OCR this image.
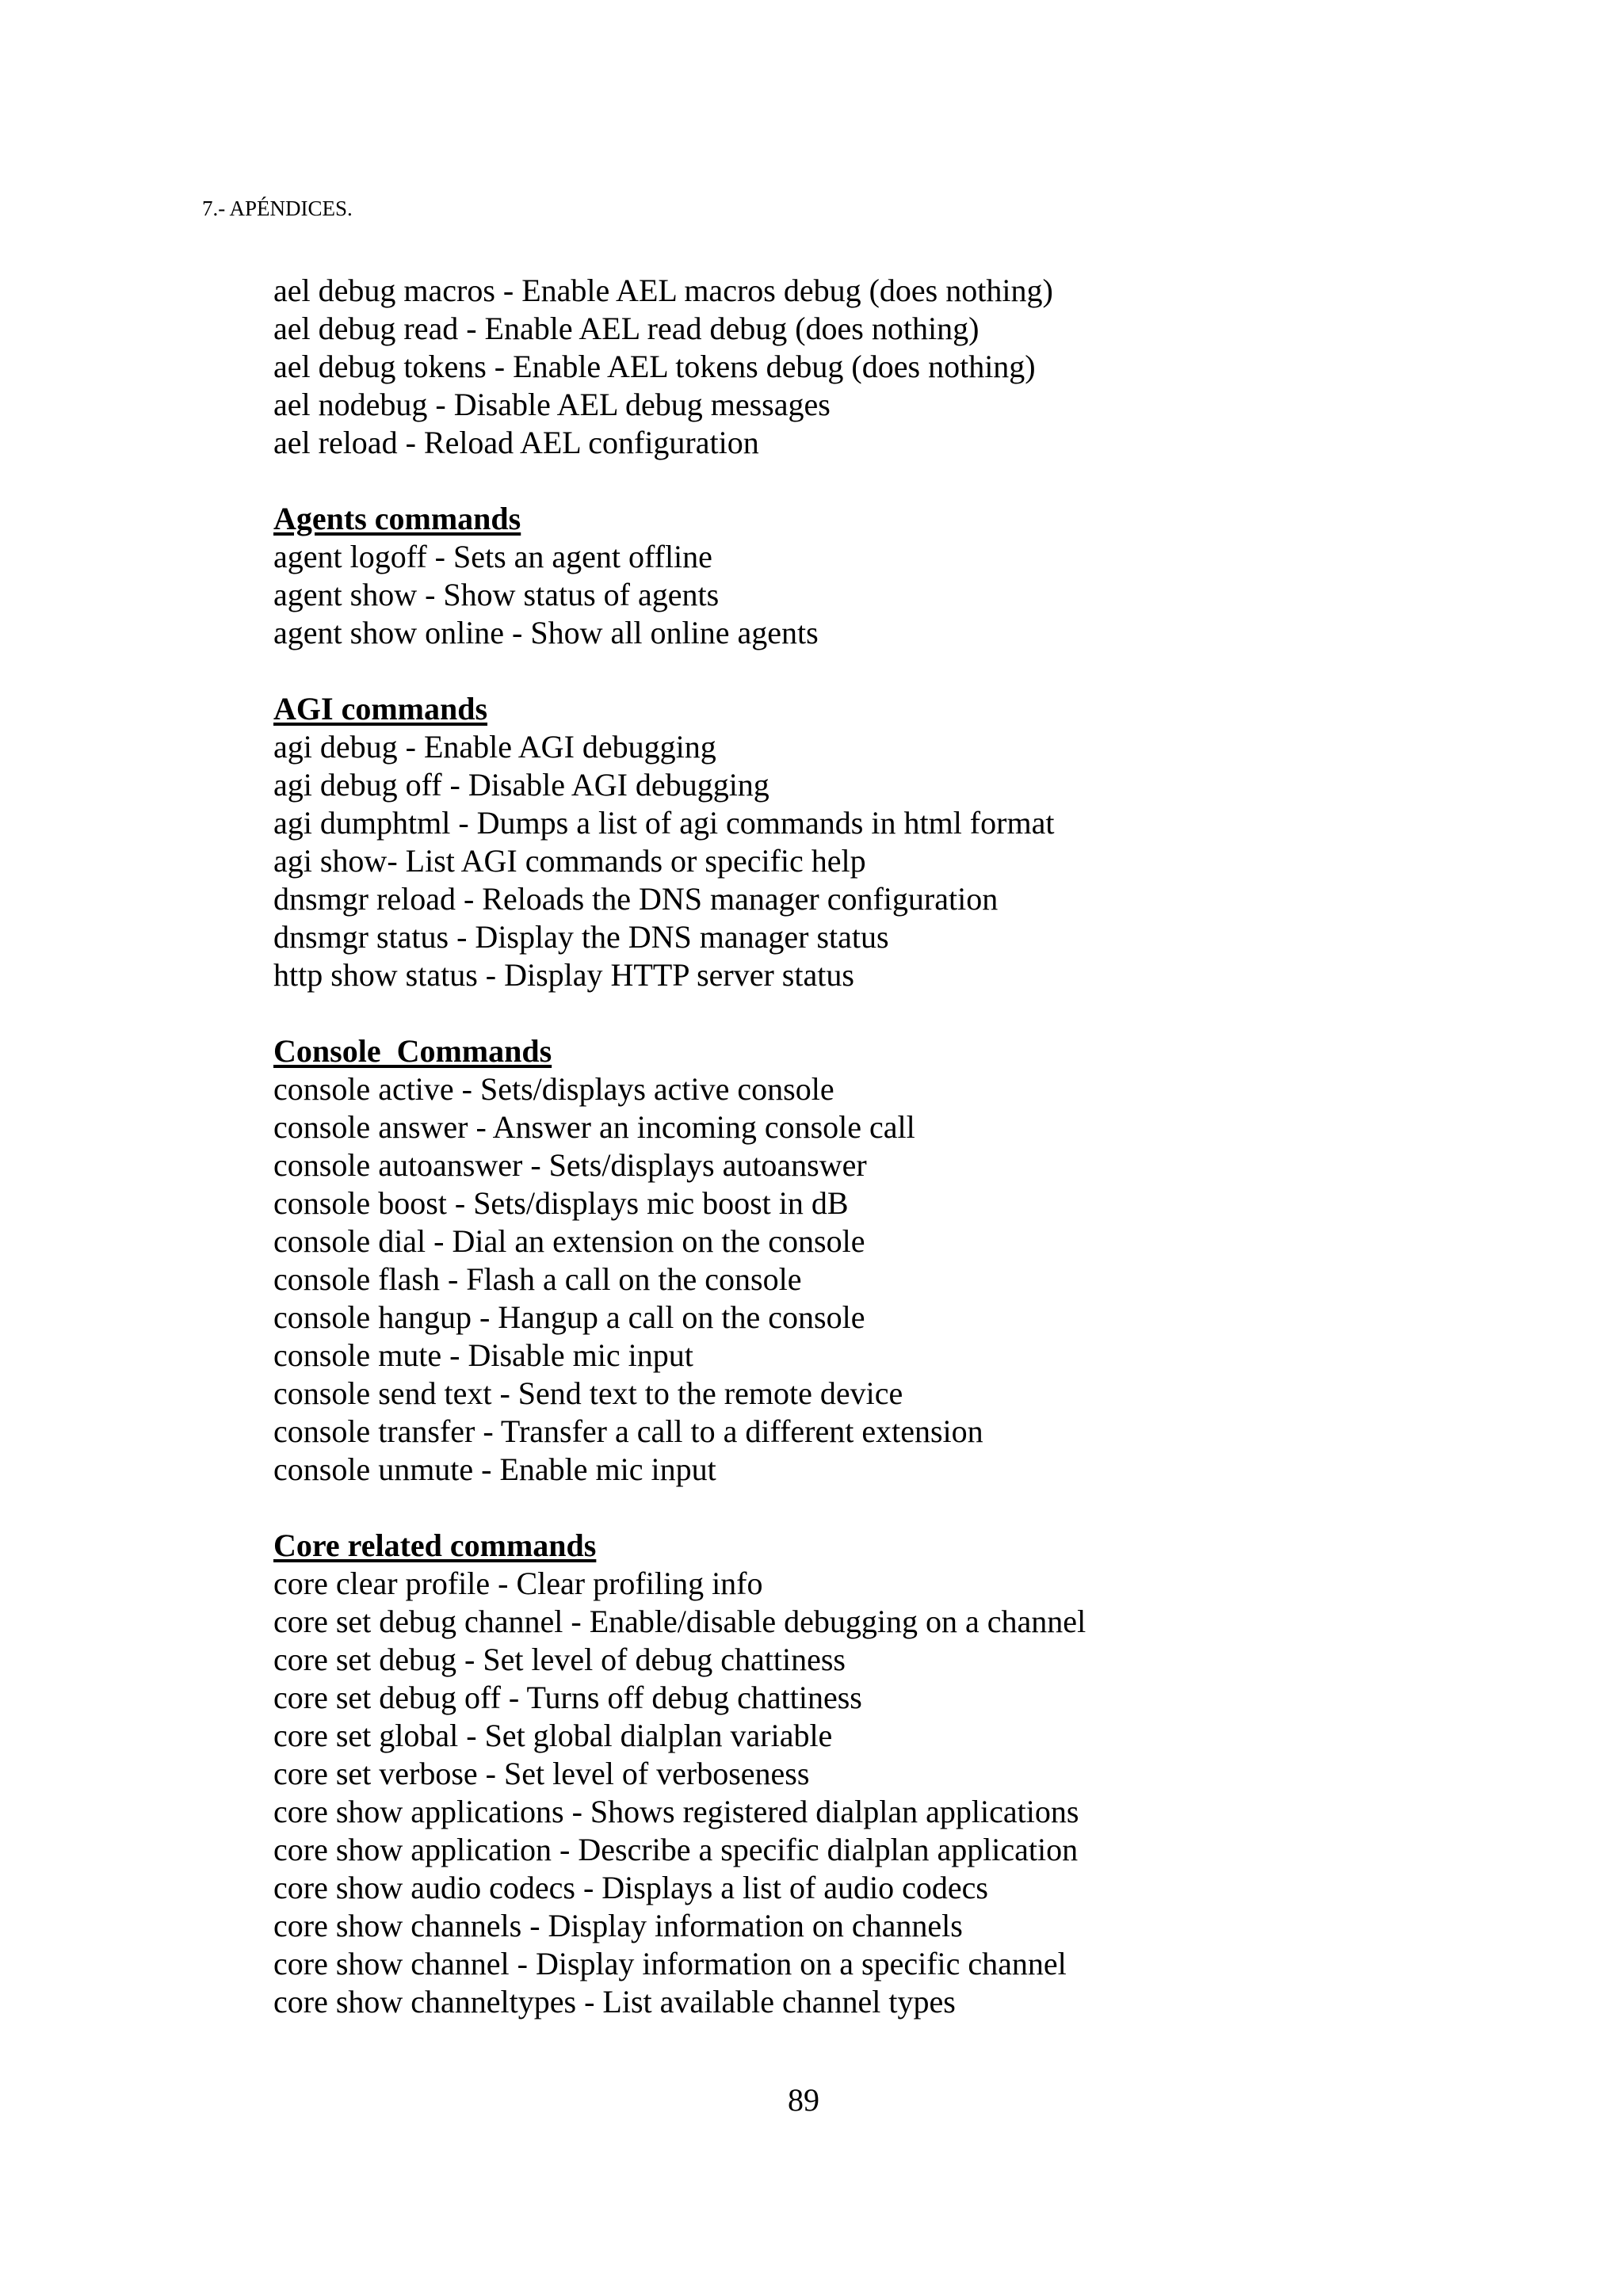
7.- APÉNDICES.
ael debug macros - Enable AEL macros debug (does nothing)
ael debug read - Enable AEL read debug (does nothing)
ael debug tokens - Enable AEL tokens debug (does nothing)
ael nodebug - Disable AEL debug messages
ael reload - Reload AEL configuration
Agents commands
agent logoff - Sets an agent offline
agent show - Show status of agents
agent show online - Show all online agents
AGI commands
agi debug - Enable AGI debugging
agi debug off - Disable AGI debugging
agi dumphtml - Dumps a list of agi commands in html format
agi show- List AGI commands or specific help
dnsmgr reload - Reloads the DNS manager configuration
dnsmgr status - Display the DNS manager status
http show status - Display HTTP server status
Console  Commands
console active - Sets/displays active console
console answer - Answer an incoming console call
console autoanswer - Sets/displays autoanswer
console boost - Sets/displays mic boost in dB
console dial - Dial an extension on the console
console flash - Flash a call on the console
console hangup - Hangup a call on the console
console mute - Disable mic input
console send text - Send text to the remote device
console transfer - Transfer a call to a different extension
console unmute - Enable mic input
Core related commands
core clear profile - Clear profiling info
core set debug channel - Enable/disable debugging on a channel
core set debug - Set level of debug chattiness
core set debug off - Turns off debug chattiness
core set global - Set global dialplan variable
core set verbose - Set level of verboseness
core show applications - Shows registered dialplan applications
core show application - Describe a specific dialplan application
core show audio codecs - Displays a list of audio codecs
core show channels - Display information on channels
core show channel - Display information on a specific channel
core show channeltypes - List available channel types
89
